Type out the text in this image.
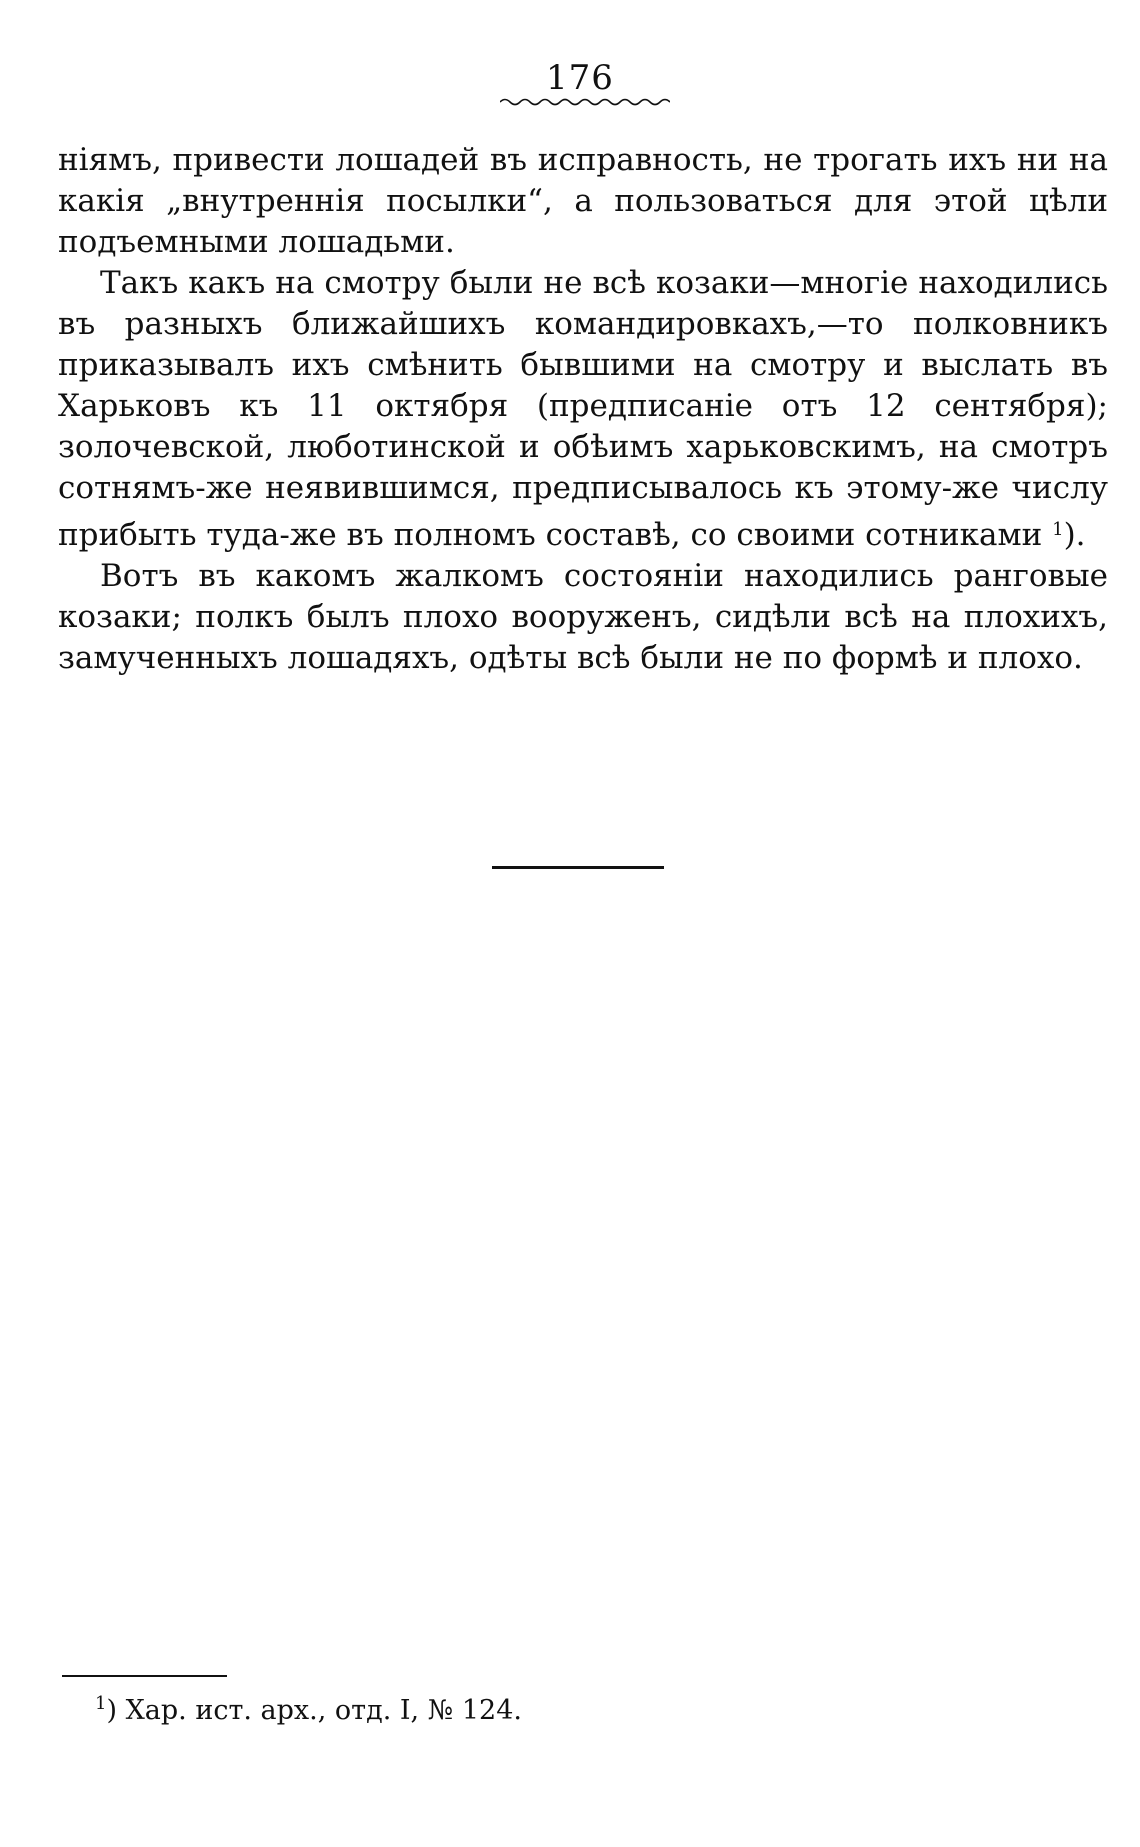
176

нiямъ, привести лошадей въ исправность, не трогать ихъ ни на какiя „внутреннiя посылки“, а пользоваться для этой цѣли подъемными лошадьми.

Такъ какъ на смотру были не всѣ козаки—многiе находились въ разныхъ ближайшихъ командировкахъ,—то полковникъ приказывалъ ихъ смѣнить бывшими на смотру и выслать въ Харьковъ къ 11 октября (предписанiе отъ 12 сентября); золочевской, люботинской и обѣимъ харьковскимъ, на смотръ сотнямъ-же неявившимся, предписывалось къ этому-же числу прибыть туда-же въ полномъ составѣ, со своими сотниками $^1$).

Вотъ въ какомъ жалкомъ состоянiи находились ранговые козаки; полкъ былъ плохо вооруженъ, сидѣли всѣ на плохихъ, замученныхъ лошадяхъ, одѣты всѣ были не по формѣ и плохо.

$^1$) Хар. ист. арх., отд. I, № 124.
